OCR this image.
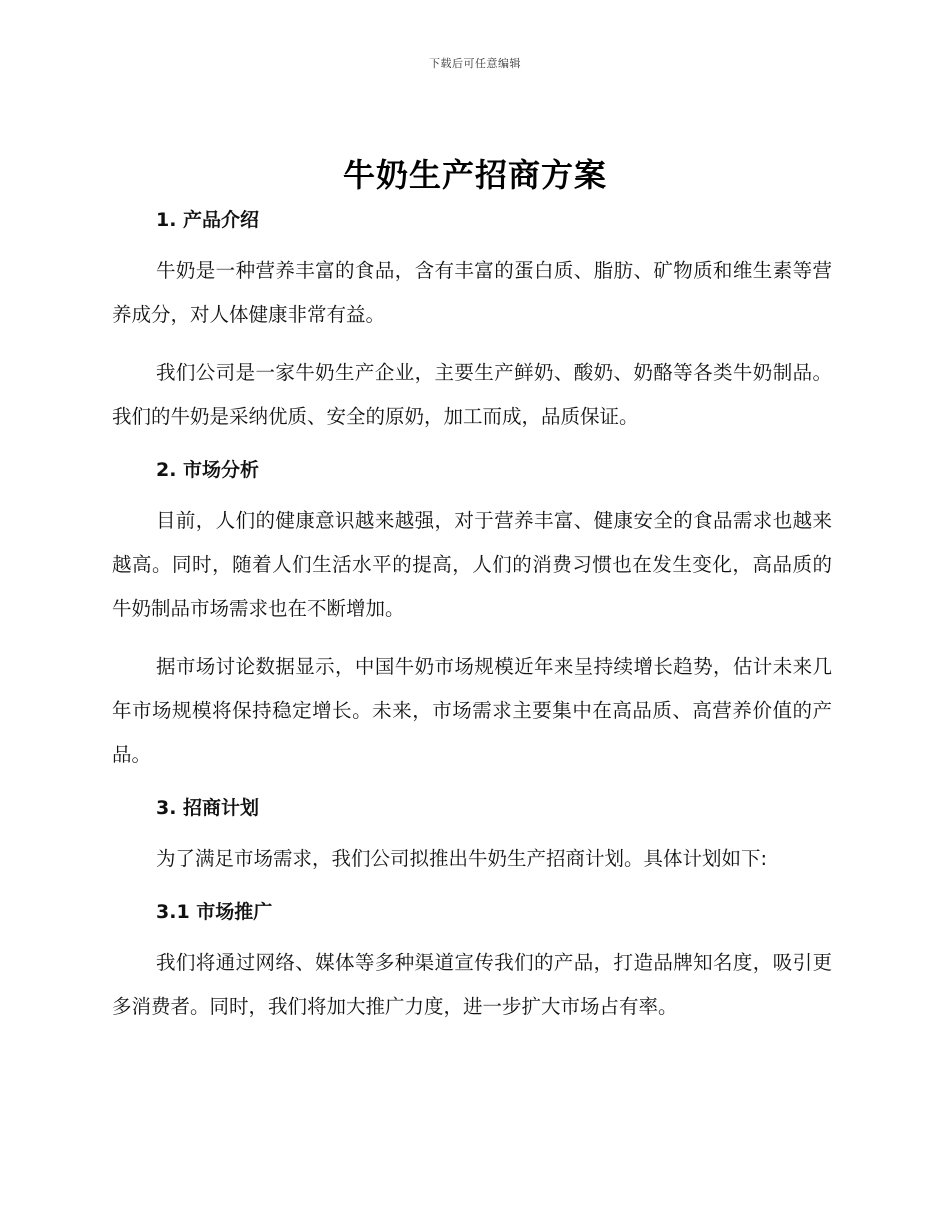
下载后可任意编辑
牛奶生产招商方案
1. 产品介绍

牛奶是一种营养丰富的食品，含有丰富的蛋白质、脂肪、矿物质和维生素等营养成分，对人体健康非常有益。

我们公司是一家牛奶生产企业，主要生产鲜奶、酸奶、奶酪等各类牛奶制品。我们的牛奶是采纳优质、安全的原奶，加工而成，品质保证。

2. 市场分析

目前，人们的健康意识越来越强，对于营养丰富、健康安全的食品需求也越来越高。同时，随着人们生活水平的提高，人们的消费习惯也在发生变化，高品质的牛奶制品市场需求也在不断增加。

据市场讨论数据显示，中国牛奶市场规模近年来呈持续增长趋势，估计未来几年市场规模将保持稳定增长。未来，市场需求主要集中在高品质、高营养价值的产品。

3. 招商计划

为了满足市场需求，我们公司拟推出牛奶生产招商计划。具体计划如下:

3.1 市场推广

我们将通过网络、媒体等多种渠道宣传我们的产品，打造品牌知名度，吸引更多消费者。同时，我们将加大推广力度，进一步扩大市场占有率。
